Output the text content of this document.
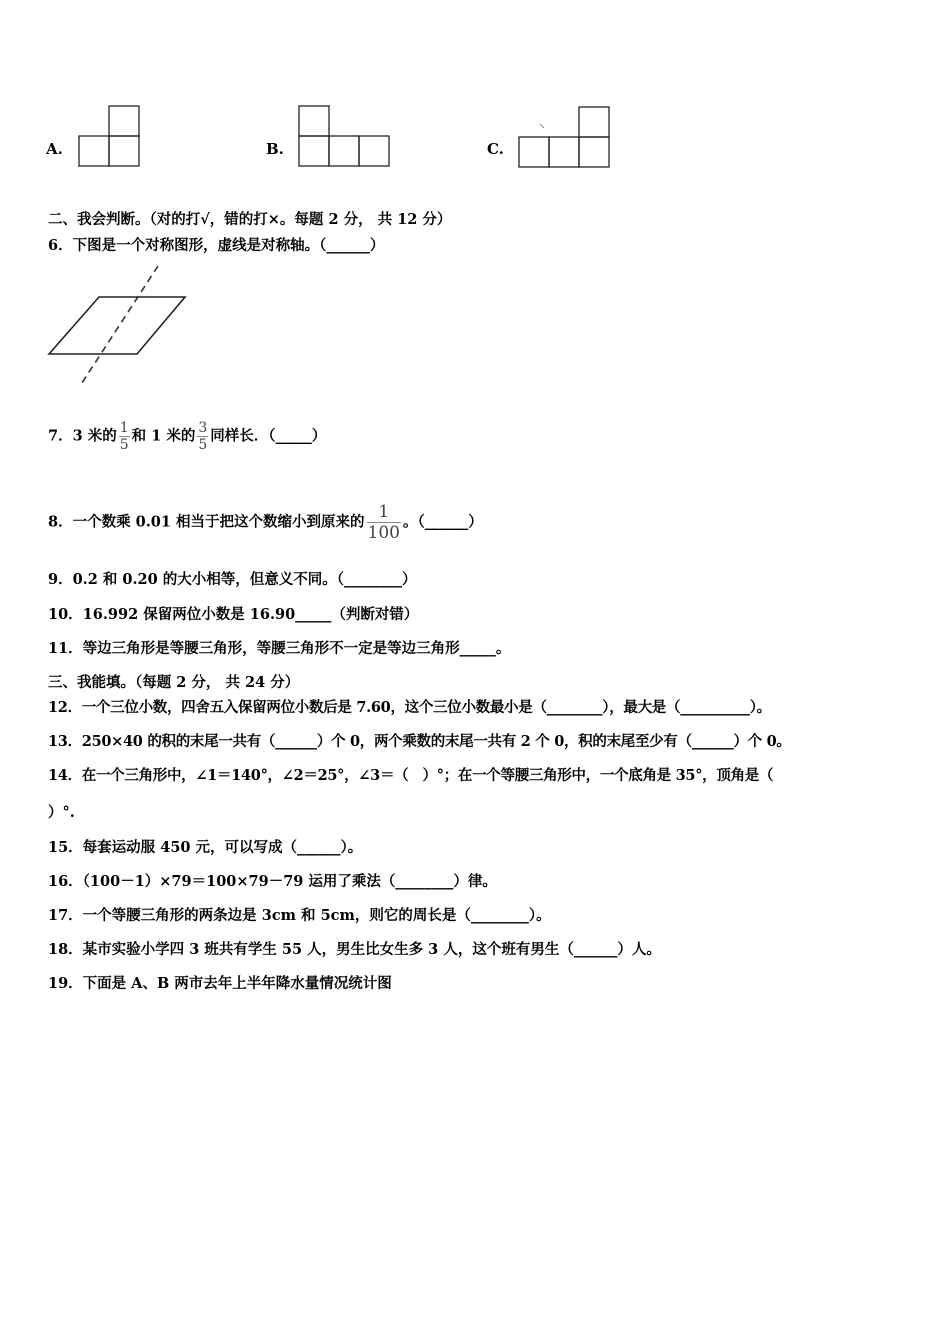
A.	B.	C.
二、我会判断。（对的打√，错的打×。每题 2 分， 共 12 分）
6．下图是一个对称图形，虚线是对称轴。（______）
7．3 米的 $\frac{1}{5}$ 和 1 米的 $\frac{3}{5}$ 同样长．（_____）
8．一个数乘 0.01 相当于把这个数缩小到原来的 $\frac{1}{100}$ 。（______）
9．0.2 和 0.20 的大小相等，但意义不同。（________）
10．16.992 保留两位小数是 16.90_____（判断对错）
11．等边三角形是等腰三角形，等腰三角形不一定是等边三角形_____。
三、我能填。（每题 2 分， 共 24 分）
12．一个三位小数，四舍五入保留两位小数后是 7.60，这个三位小数最小是（________），最大是（__________）。
13．250×40 的积的末尾一共有（______）个 0，两个乘数的末尾一共有 2 个 0，积的末尾至少有（______）个 0。
14．在一个三角形中，∠1＝140°，∠2＝25°，∠3＝（　）°；在一个等腰三角形中，一个底角是 35°，顶角是（
）°.
15．每套运动服 450 元，可以写成（______）。
16．（100－1）×79＝100×79－79 运用了乘法（________）律。
17．一个等腰三角形的两条边是 3cm 和 5cm，则它的周长是（________）。
18．某市实验小学四 3 班共有学生 55 人，男生比女生多 3 人，这个班有男生（______）人。
19．下面是 A、B 两市去年上半年降水量情况统计图
